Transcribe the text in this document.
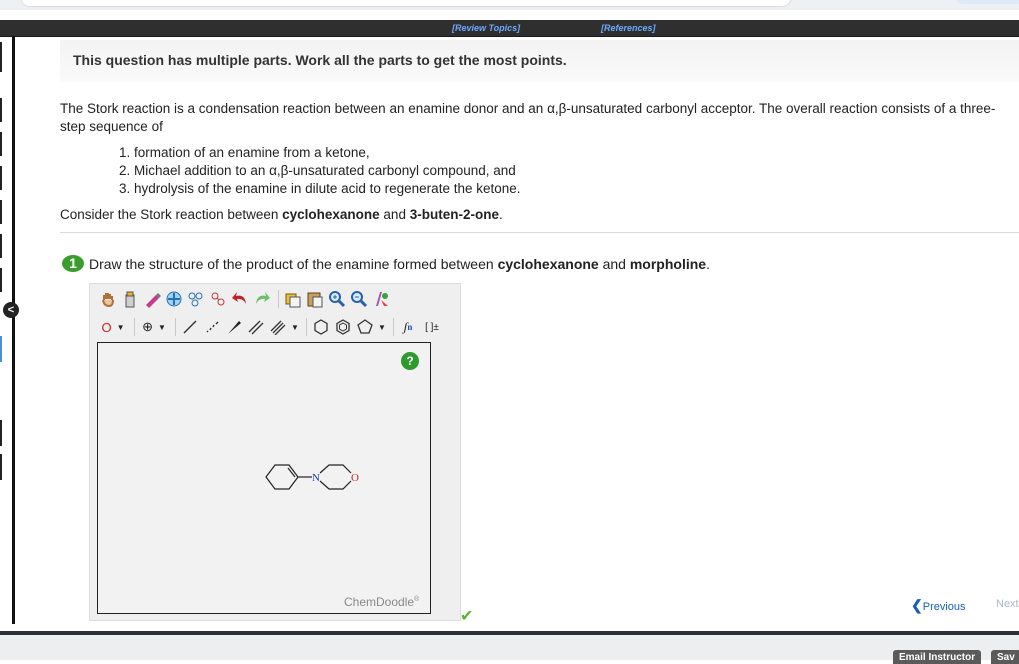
[Review Topics]	[References]
<
This question has multiple parts. Work all the parts to get the most points.
The Stork reaction is a condensation reaction between an enamine donor and an α,β-unsaturated carbonyl acceptor. The overall reaction consists of a three-step sequence of
1. formation of an enamine from a ketone,
2. Michael addition to an α,β-unsaturated carbonyl compound, and
3. hydrolysis of the enamine in dilute acid to regenerate the ketone.
Consider the Stork reaction between cyclohexanone and 3-buten-2-one.
1 Draw the structure of the product of the enamine formed between cyclohexanone and morpholine.
O ▼ ⊕ ▼	▼	▼	ʃ n	[ ]±
?
N	O
ChemDoodle®
✔
❮Previous	Next
Email Instructor	Sav
